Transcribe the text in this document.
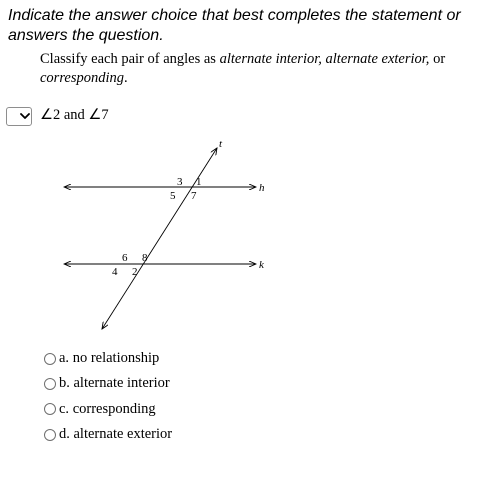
Indicate the answer choice that best completes the statement or answers the question.

Classify each pair of angles as alternate interior, alternate exterior, or corresponding.

∠2 and ∠7
t
h
k
3 1
5 7
6 8
4 2
a. no relationship
b. alternate interior
c. corresponding
d. alternate exterior
